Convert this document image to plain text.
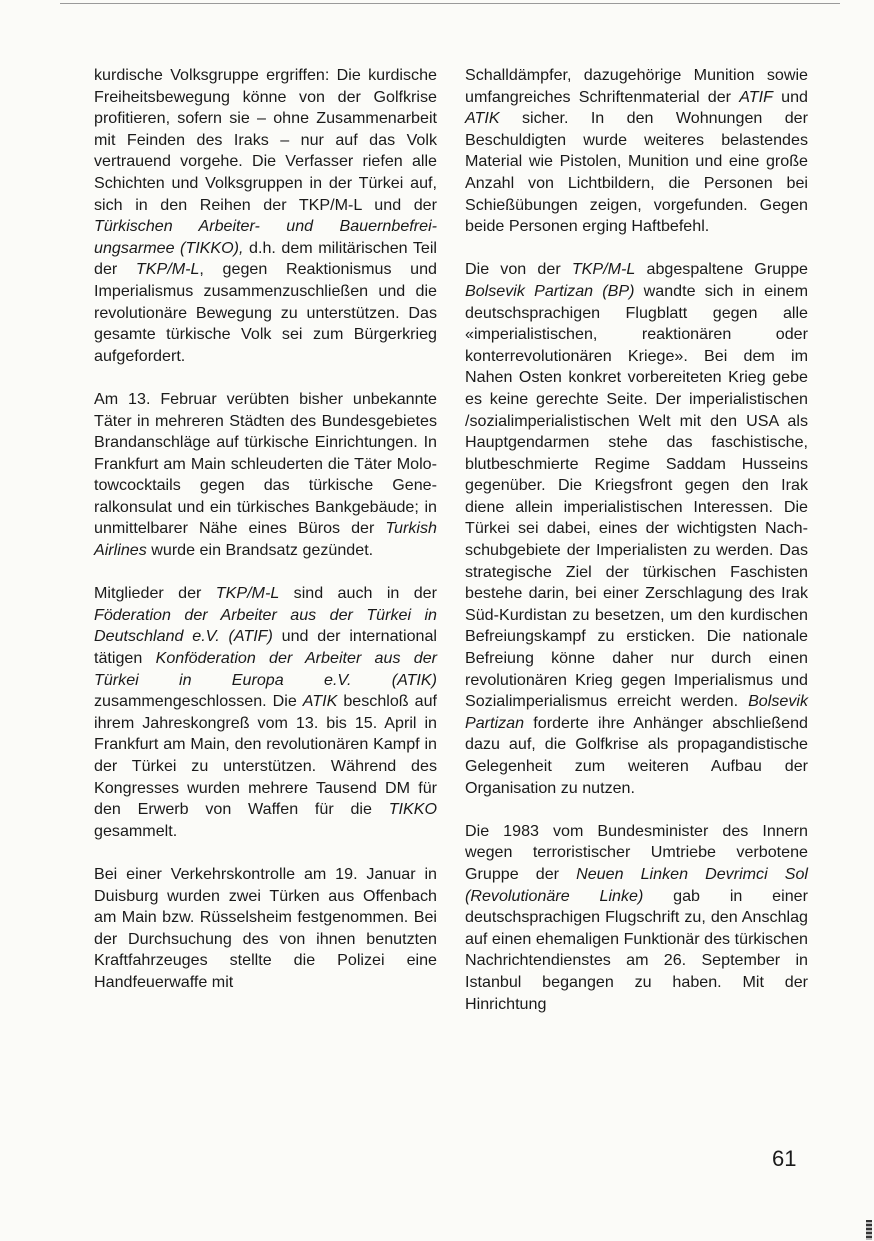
kurdische Volksgruppe ergriffen: Die kurdische Freiheitsbewegung könne von der Golfkrise profitieren, sofern sie – ohne Zusammenarbeit mit Feinden des Iraks – nur auf das Volk vertrauend vorgehe. Die Verfasser riefen alle Schichten und Volksgruppen in der Türkei auf, sich in den Reihen der TKP/M-L und der Türkischen Arbeiter- und Bauernbefreiungsarmee (TIKKO), d.h. dem militärischen Teil der TKP/M-L, gegen Reaktionismus und Imperialismus zusammenzuschließen und die revolutionäre Bewegung zu unterstützen. Das gesamte türkische Volk sei zum Bürgerkrieg aufgefordert.

Am 13. Februar verübten bisher unbekannte Täter in mehreren Städten des Bundesgebietes Brandanschläge auf türkische Einrichtungen. In Frankfurt am Main schleuderten die Täter Molotowcocktails gegen das türkische Generalkonsulat und ein türkisches Bankgebäude; in unmittelbarer Nähe eines Büros der Turkish Airlines wurde ein Brandsatz gezündet.

Mitglieder der TKP/M-L sind auch in der Föderation der Arbeiter aus der Türkei in Deutschland e.V. (ATIF) und der international tätigen Konföderation der Arbeiter aus der Türkei in Europa e.V. (ATIK) zusammengeschlossen. Die ATIK beschloß auf ihrem Jahreskongreß vom 13. bis 15. April in Frankfurt am Main, den revolutionären Kampf in der Türkei zu unterstützen. Während des Kongresses wurden mehrere Tausend DM für den Erwerb von Waffen für die TIKKO gesammelt.

Bei einer Verkehrskontrolle am 19. Januar in Duisburg wurden zwei Türken aus Offenbach am Main bzw. Rüsselsheim festgenommen. Bei der Durchsuchung des von ihnen benutzten Kraftfahrzeuges stellte die Polizei eine Handfeuerwaffe mit

Schalldämpfer, dazugehörige Munition sowie umfangreiches Schriftenmaterial der ATIF und ATIK sicher. In den Wohnungen der Beschuldigten wurde weiteres belastendes Material wie Pistolen, Munition und eine große Anzahl von Lichtbildern, die Personen bei Schießübungen zeigen, vorgefunden. Gegen beide Personen erging Haftbefehl.

Die von der TKP/M-L abgespaltene Gruppe Bolsevik Partizan (BP) wandte sich in einem deutschsprachigen Flugblatt gegen alle «imperialistischen, reaktionären oder konterrevolutionären Kriege». Bei dem im Nahen Osten konkret vorbereiteten Krieg gebe es keine gerechte Seite. Der imperialistischen /sozialimperialistischen Welt mit den USA als Hauptgendarmen stehe das faschistische, blutbeschmierte Regime Saddam Husseins gegenüber. Die Kriegsfront gegen den Irak diene allein imperialistischen Interessen. Die Türkei sei dabei, eines der wichtigsten Nachschubgebiete der Imperialisten zu werden. Das strategische Ziel der türkischen Faschisten bestehe darin, bei einer Zerschlagung des Irak Süd-Kurdistan zu besetzen, um den kurdischen Befreiungskampf zu ersticken. Die nationale Befreiung könne daher nur durch einen revolutionären Krieg gegen Imperialismus und Sozialimperialismus erreicht werden. Bolsevik Partizan forderte ihre Anhänger abschließend dazu auf, die Golfkrise als propagandistische Gelegenheit zum weiteren Aufbau der Organisation zu nutzen.

Die 1983 vom Bundesminister des Innern wegen terroristischer Umtriebe verbotene Gruppe der Neuen Linken Devrimci Sol (Revolutionäre Linke) gab in einer deutschsprachigen Flugschrift zu, den Anschlag auf einen ehemaligen Funktionär des türkischen Nachrichtendienstes am 26. September in Istanbul begangen zu haben. Mit der Hinrichtung

61
